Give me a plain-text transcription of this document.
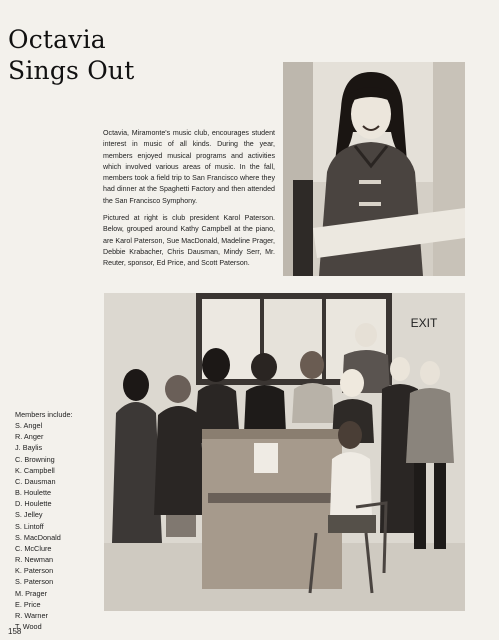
Octavia
Sings Out

Octavia, Miramonte's music club, encourages student interest in music of all kinds. During the year, members enjoyed musical programs and activities which involved various areas of music. In the fall, members took a field trip to San Francisco where they had dinner at the Spaghetti Factory and then attended the San Francisco Symphony.

Pictured at right is club president Karol Paterson. Below, grouped around Kathy Campbell at the piano, are Karol Paterson, Sue MacDonald, Madeline Prager, Debbie Krabacher, Chris Dausman, Mindy Serr, Mr. Reuter, sponsor, Ed Price, and Scott Paterson.

EXIT
Members include:
S. Angel
R. Anger
J. Baylis
C. Browning
K. Campbell
C. Dausman
B. Houlette
D. Houlette
S. Jelley
S. Lintoff
S. MacDonald
C. McClure
R. Newman
K. Paterson
S. Paterson
M. Prager
E. Price
R. Warner
T. Wood
158
